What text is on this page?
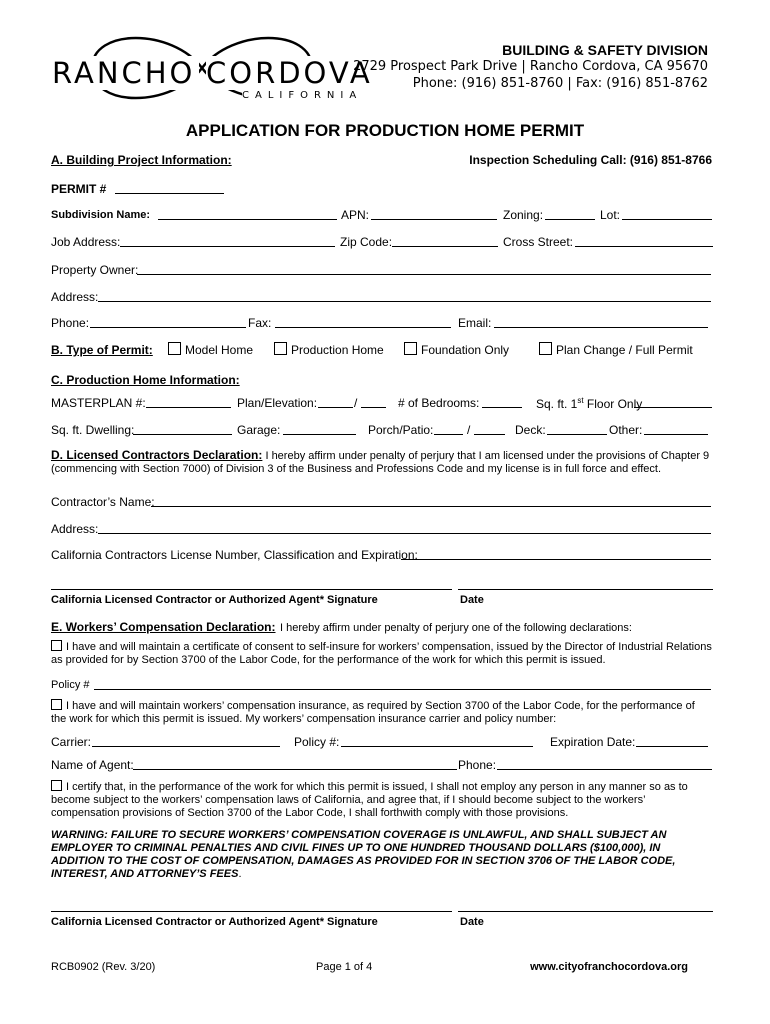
RANCHO CORDOVA
CALIFORNIA
BUILDING & SAFETY DIVISION
2729 Prospect Park Drive | Rancho Cordova, CA 95670
Phone: (916) 851-8760 | Fax: (916) 851-8762
APPLICATION FOR PRODUCTION HOME PERMIT
A. Building Project Information:	Inspection Scheduling Call: (916) 851-8766
PERMIT #
Subdivision Name:	APN:	Zoning:	Lot:
Job Address:	Zip Code:	Cross Street:
Property Owner:
Address:
Phone:	Fax:	Email:
B. Type of Permit:	Model Home	Production Home	Foundation Only	Plan Change / Full Permit
C. Production Home Information:
MASTERPLAN #:	Plan/Elevation:	/	# of Bedrooms:	Sq. ft. 1st Floor Only
Sq. ft. Dwelling:	Garage:	Porch/Patio:	/	Deck:	Other:
D. Licensed Contractors Declaration: I hereby affirm under penalty of perjury that I am licensed under the provisions of Chapter 9 (commencing with Section 7000) of Division 3 of the Business and Professions Code and my license is in full force and effect.
Contractor’s Name:
Address:
California Contractors License Number, Classification and Expiration:
California Licensed Contractor or Authorized Agent* Signature	Date
E. Workers’ Compensation Declaration: I hereby affirm under penalty of perjury one of the following declarations:
I have and will maintain a certificate of consent to self-insure for workers’ compensation, issued by the Director of Industrial Relations as provided for by Section 3700 of the Labor Code, for the performance of the work for which this permit is issued.
Policy #
I have and will maintain workers’ compensation insurance, as required by Section 3700 of the Labor Code, for the performance of the work for which this permit is issued. My workers’ compensation insurance carrier and policy number:
Carrier:	Policy #:	Expiration Date:
Name of Agent:	Phone:
I certify that, in the performance of the work for which this permit is issued, I shall not employ any person in any manner so as to become subject to the workers’ compensation laws of California, and agree that, if I should become subject to the workers’ compensation provisions of Section 3700 of the Labor Code, I shall forthwith comply with those provisions.
WARNING: FAILURE TO SECURE WORKERS’ COMPENSATION COVERAGE IS UNLAWFUL, AND SHALL SUBJECT AN EMPLOYER TO CRIMINAL PENALTIES AND CIVIL FINES UP TO ONE HUNDRED THOUSAND DOLLARS ($100,000), IN ADDITION TO THE COST OF COMPENSATION, DAMAGES AS PROVIDED FOR IN SECTION 3706 OF THE LABOR CODE, INTEREST, AND ATTORNEY’S FEES.
California Licensed Contractor or Authorized Agent* Signature	Date
RCB0902 (Rev. 3/20)	Page 1 of 4	www.cityofranchocordova.org
